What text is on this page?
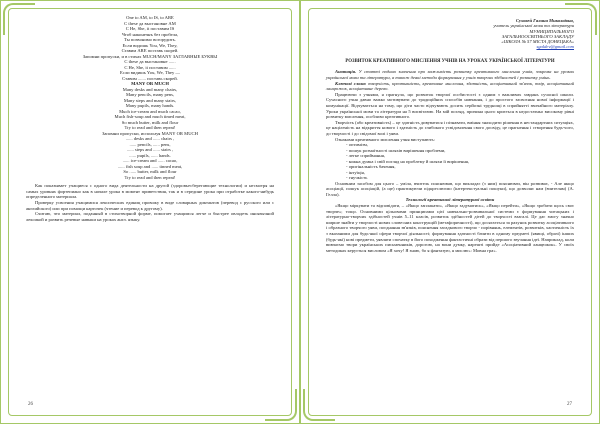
One to AM, to IS, to ARE
С these да выстановне AM
С He, She, it поставим IS
Чтоб наконечнъ без пробела,
Ты позвонимо вогорудить.
Если видишь You, We, They,
Ставим ARE поставь скорей.
Запомни пропуски, и в стихах MUCH/MANY ЗАГЛАВНЫЕ БУКВЫ
С these да выстановне ......
С He, She, it поставим ......
Если видишь You, We, They —
Ставим ....... поставь скорей.
MANY OR MUCH
Many desks and many chairs,
Many pencils, many pens,
Many steps and many stairs,
Many pupils, many hands.
Much ice-cream and much cacao,
Much fish-soup and much timed meat,
So much butter, milk and flour
Try to read and then repeat!
Запомни пропуски, используя MANY OR MUCH
...... desks and ...... chairs ,
...... pencils, ...... pens,
...... steps and ...... stairs ,
...... pupils, ...... hands.
...... ice-cream and ...... cacao,
...... fish soup and ...... tinned meat,
So ...... butter, milk and flour
Try to read and then repeat!
Как показывает учащиеся с одного вида деятельности на другой (здоровьесберегающие технологии) и несмотря на самых уровнях фортепиано как в начале урока в момент приветствия, так и в середине урока при отработке какого-нибудь определенного материала.
Проверку усвоения учащимися лексических единиц провожу в виде словарных диктантов (перевод с русского или с английского) или при помощи карточек (чтение и перевод к другому).
Считаю, что материал, поданный в стихотворной форме, помогает учащимся легче и быстрее овладеть иноязычной лексикой и развить речевые навыки на уроках англ. языку.
26
Суховей Галина Миколаївна,
учитель української мови та літератури
МУНИЦИПАЛЬНОГО
ЗАГАЛЬНООСВІТНЬОГО ЗАКЛАДУ
«ШКОЛА № 57 МІСТА ДОНЕЦЬКА»
sgaldev@gmail.com
РОЗВИТОК КРЕАТИВНОГО МИСЛЕННЯ УЧНІВ НА УРОКАХ УКРАЇНСЬКОЇ ЛІТЕРАТУРИ
Анотація. У статті подано значення про важливість розвитку креативного мислення учнів, зокрема на уроках української мови та літератури, а також деякі методи формування у учнів творчих здібностей і розвитку умінь.
Ключові слова: творчість, креативність, креативне мислення, здатність, асоціативний зв'язок, твір, асоціативний ланцюжок, асоціативне дерево.
Працюючи з учнями, я прагнула, що розвиток творчої особистості є одним з важливих завдань сучасної школи. Сучасного учня давно важко мотивувати до традиційних способів навчання, і до простого засвоєння нової інформації і комунікації. Відчувається на тому, що діти часто відчувають досить серйозні труднощі в сприйнятті звичайного матеріалу. Уроки української мови та літератури на 5 висвітлюю. На мій погляд, причина цього криється в недостатньо високому рівні розвитку мислення, особливо креативного.
Творчість (або креативність) – це здатність дивуватися і пізнавати, вміння знаходити рішення в нестандартних ситуаціях, це націленість на відкриття нового і здатність до глибокого усвідомлення свого досвіду, це прагнення і створення будь-чого, до творчості і до свідомої волі і уяви.
Ознаками креативного мислення учня виступають:
- оптимізм,
- пошук розмаїтності шляхів вирішення проблеми,
- легке сприймання,
- кожна думка і свій погляд на проблему й шляхи її вирішення,
- оригінальність бачення,
- інтуїція,
- гнучкість
Основним засобом для цього – уміла, вчитель пояснював, що викладає (з ним) пояснювач, він розвиває, - Але якщо асоціації, пошук асоціацій, (а ще) практикуючи підкреслюємо (інтертекстуальні пошуки), що дозволяє нам (вчителям) (А. Гелла).
Технології креативної літературної освіти
«Якщо міркувати та відповідати, – «Якщо заплакати», «Якщо задуматись», «Якщо перейти», «Якщо зробити щось своє творче»; тощо. Основними цільовими принципами цієї навчально-розвивальної системи є формування читацьких і літературно-творчих здібностей учнів 5–11 класів, розвиток здібностей дітей до творчості взагалі. Це дає змогу значно ширше знайти у творчості нових словесних конструкцій (метафоричності), що досягається за рахунок розвитку асоціативного і образного творчого уяви, поєднання зв'язків, пояснення загадкового творчо - порівнянь, елементів, розвитків, хаотичність їх з вказаними для будь-якої сфери творчої діяльності; формування здатності бачити в одному предметі (явищі, образі) інших (будь-які) нові предмети, уявляти спочатку в його походження фантастичні образи від першого звучання ідеї. Наприклад, коли вивчаємо твори українських письменників, дорогою, на вони думку, нарешті прийде «Асоціативний ланцюжок». У своїх методиках керується висловом «Я хочу! Я знаю, бо я фантазую, я мислю»: Мовна гра».
27
